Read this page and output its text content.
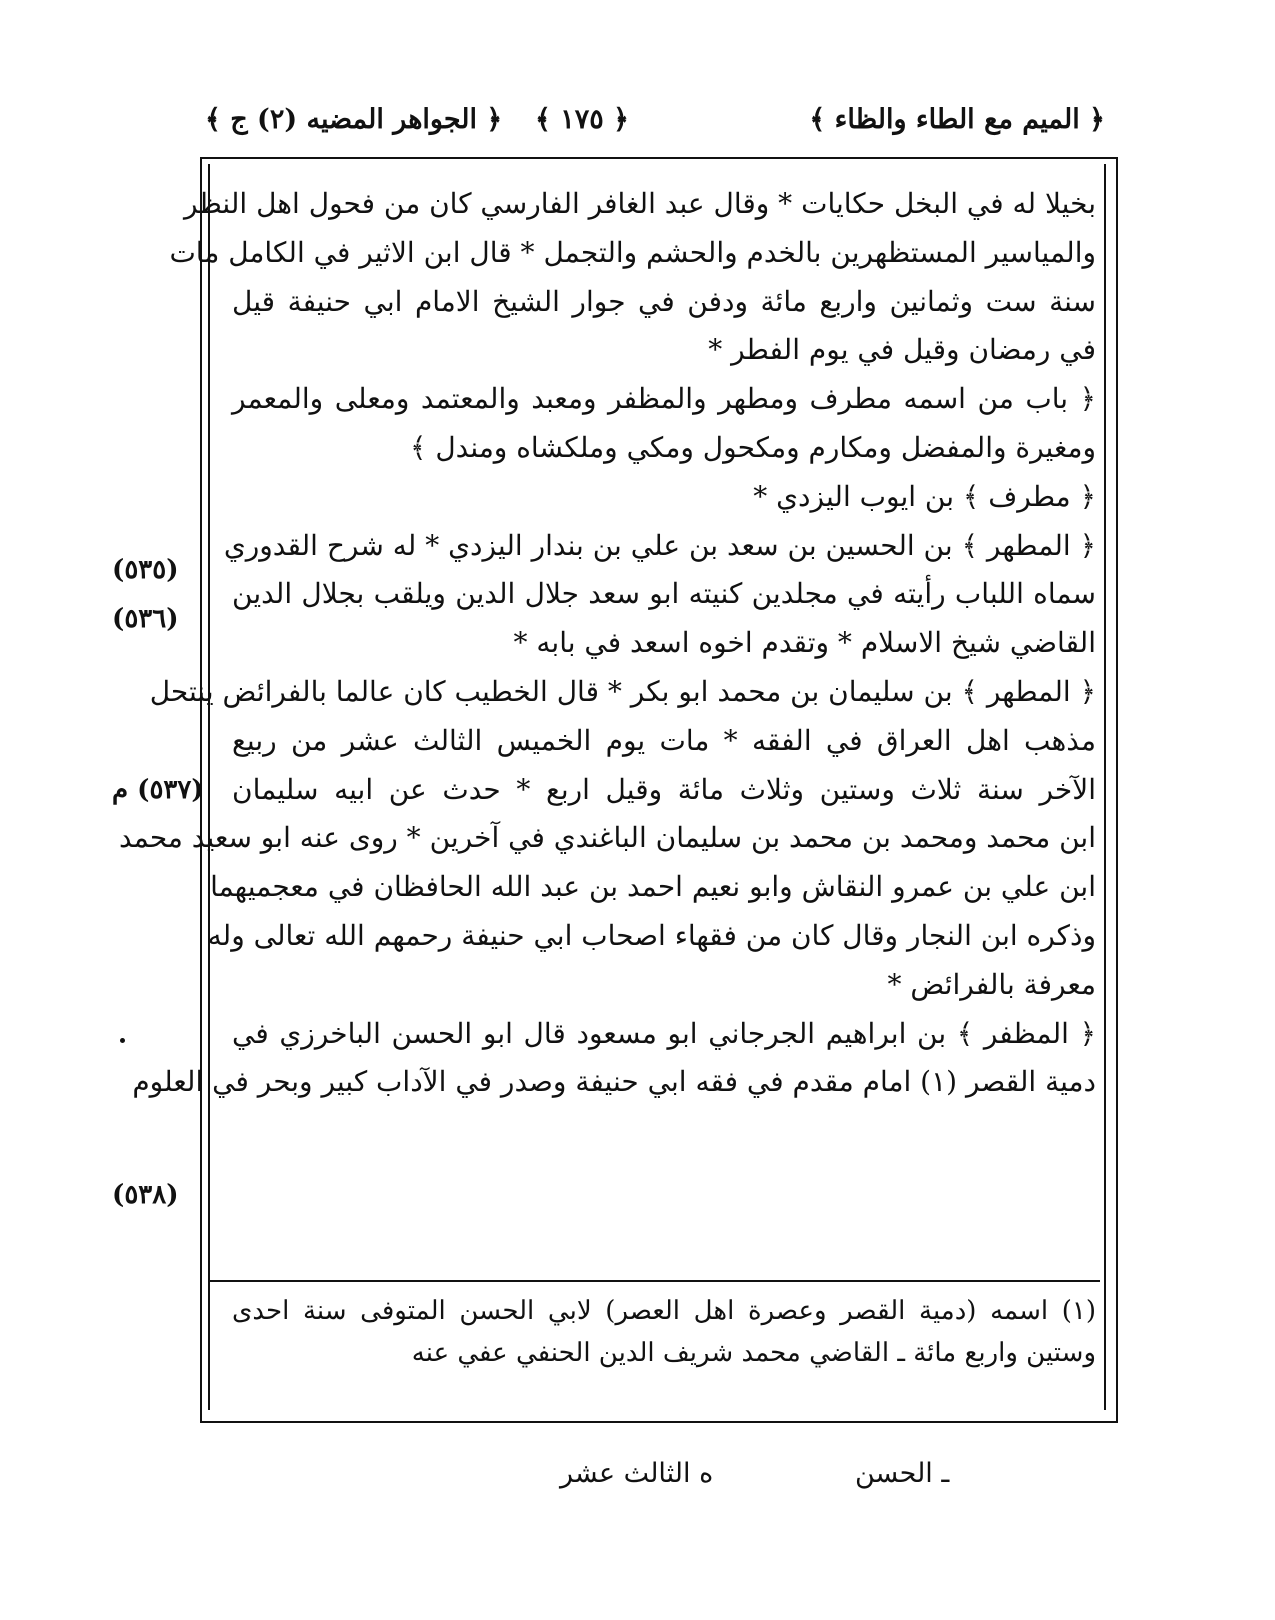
﴿ الميم مع الطاء والظاء ﴾
﴿ ١٧٥ ﴾
﴿ الجواهر المضيه (٢) ج ﴾
بخيلا له في البخل حكايات * وقال عبد الغافر الفارسي كان من فحول اهل النظر
والمياسير المستظهرين بالخدم والحشم والتجمل * قال ابن الاثير في الكامل مات
سنة ست وثمانين واربع مائة ودفن في جوار الشيخ الامام ابي حنيفة قيل
في رمضان وقيل في يوم الفطر *
﴿ باب من اسمه مطرف ومطهر والمظفر ومعبد والمعتمد ومعلى والمعمر
ومغيرة والمفضل ومكارم ومكحول ومكي وملكشاه ومندل ﴾
﴿ مطرف ﴾ بن ايوب اليزدي *
﴿ المطهر ﴾ بن الحسين بن سعد بن علي بن بندار اليزدي * له شرح القدوري
سماه اللباب رأيته في مجلدين كنيته ابو سعد جلال الدين ويلقب بجلال الدين
القاضي شيخ الاسلام * وتقدم اخوه اسعد في بابه *
﴿ المطهر ﴾ بن سليمان بن محمد ابو بكر * قال الخطيب كان عالما بالفرائض ينتحل
مذهب اهل العراق في الفقه * مات يوم الخميس الثالث عشر من ربيع
الآخر سنة ثلاث وستين وثلاث مائة وقيل اربع * حدث عن ابيه سليمان
ابن محمد ومحمد بن محمد بن سليمان الباغندي في آخرين * روى عنه ابو سعيد محمد
ابن علي بن عمرو النقاش وابو نعيم احمد بن عبد الله الحافظان في معجميهما
وذكره ابن النجار وقال كان من فقهاء اصحاب ابي حنيفة رحمهم الله تعالى وله
معرفة بالفرائض *
﴿ المظفر ﴾ بن ابراهيم الجرجاني ابو مسعود قال ابو الحسن الباخرزي في
دمية القصر (١) امام مقدم في فقه ابي حنيفة وصدر في الآداب كبير وبحر في العلوم
(٥٣٥)
(٥٣٦)
(٥٣٧) م
(٥٣٨)
(١) اسمه (دمية القصر وعصرة اهل العصر) لابي الحسن المتوفى سنة احدى
وستين واربع مائة ـ القاضي محمد شريف الدين الحنفي عفي عنه
ـ الحسن
ه الثالث عشر
